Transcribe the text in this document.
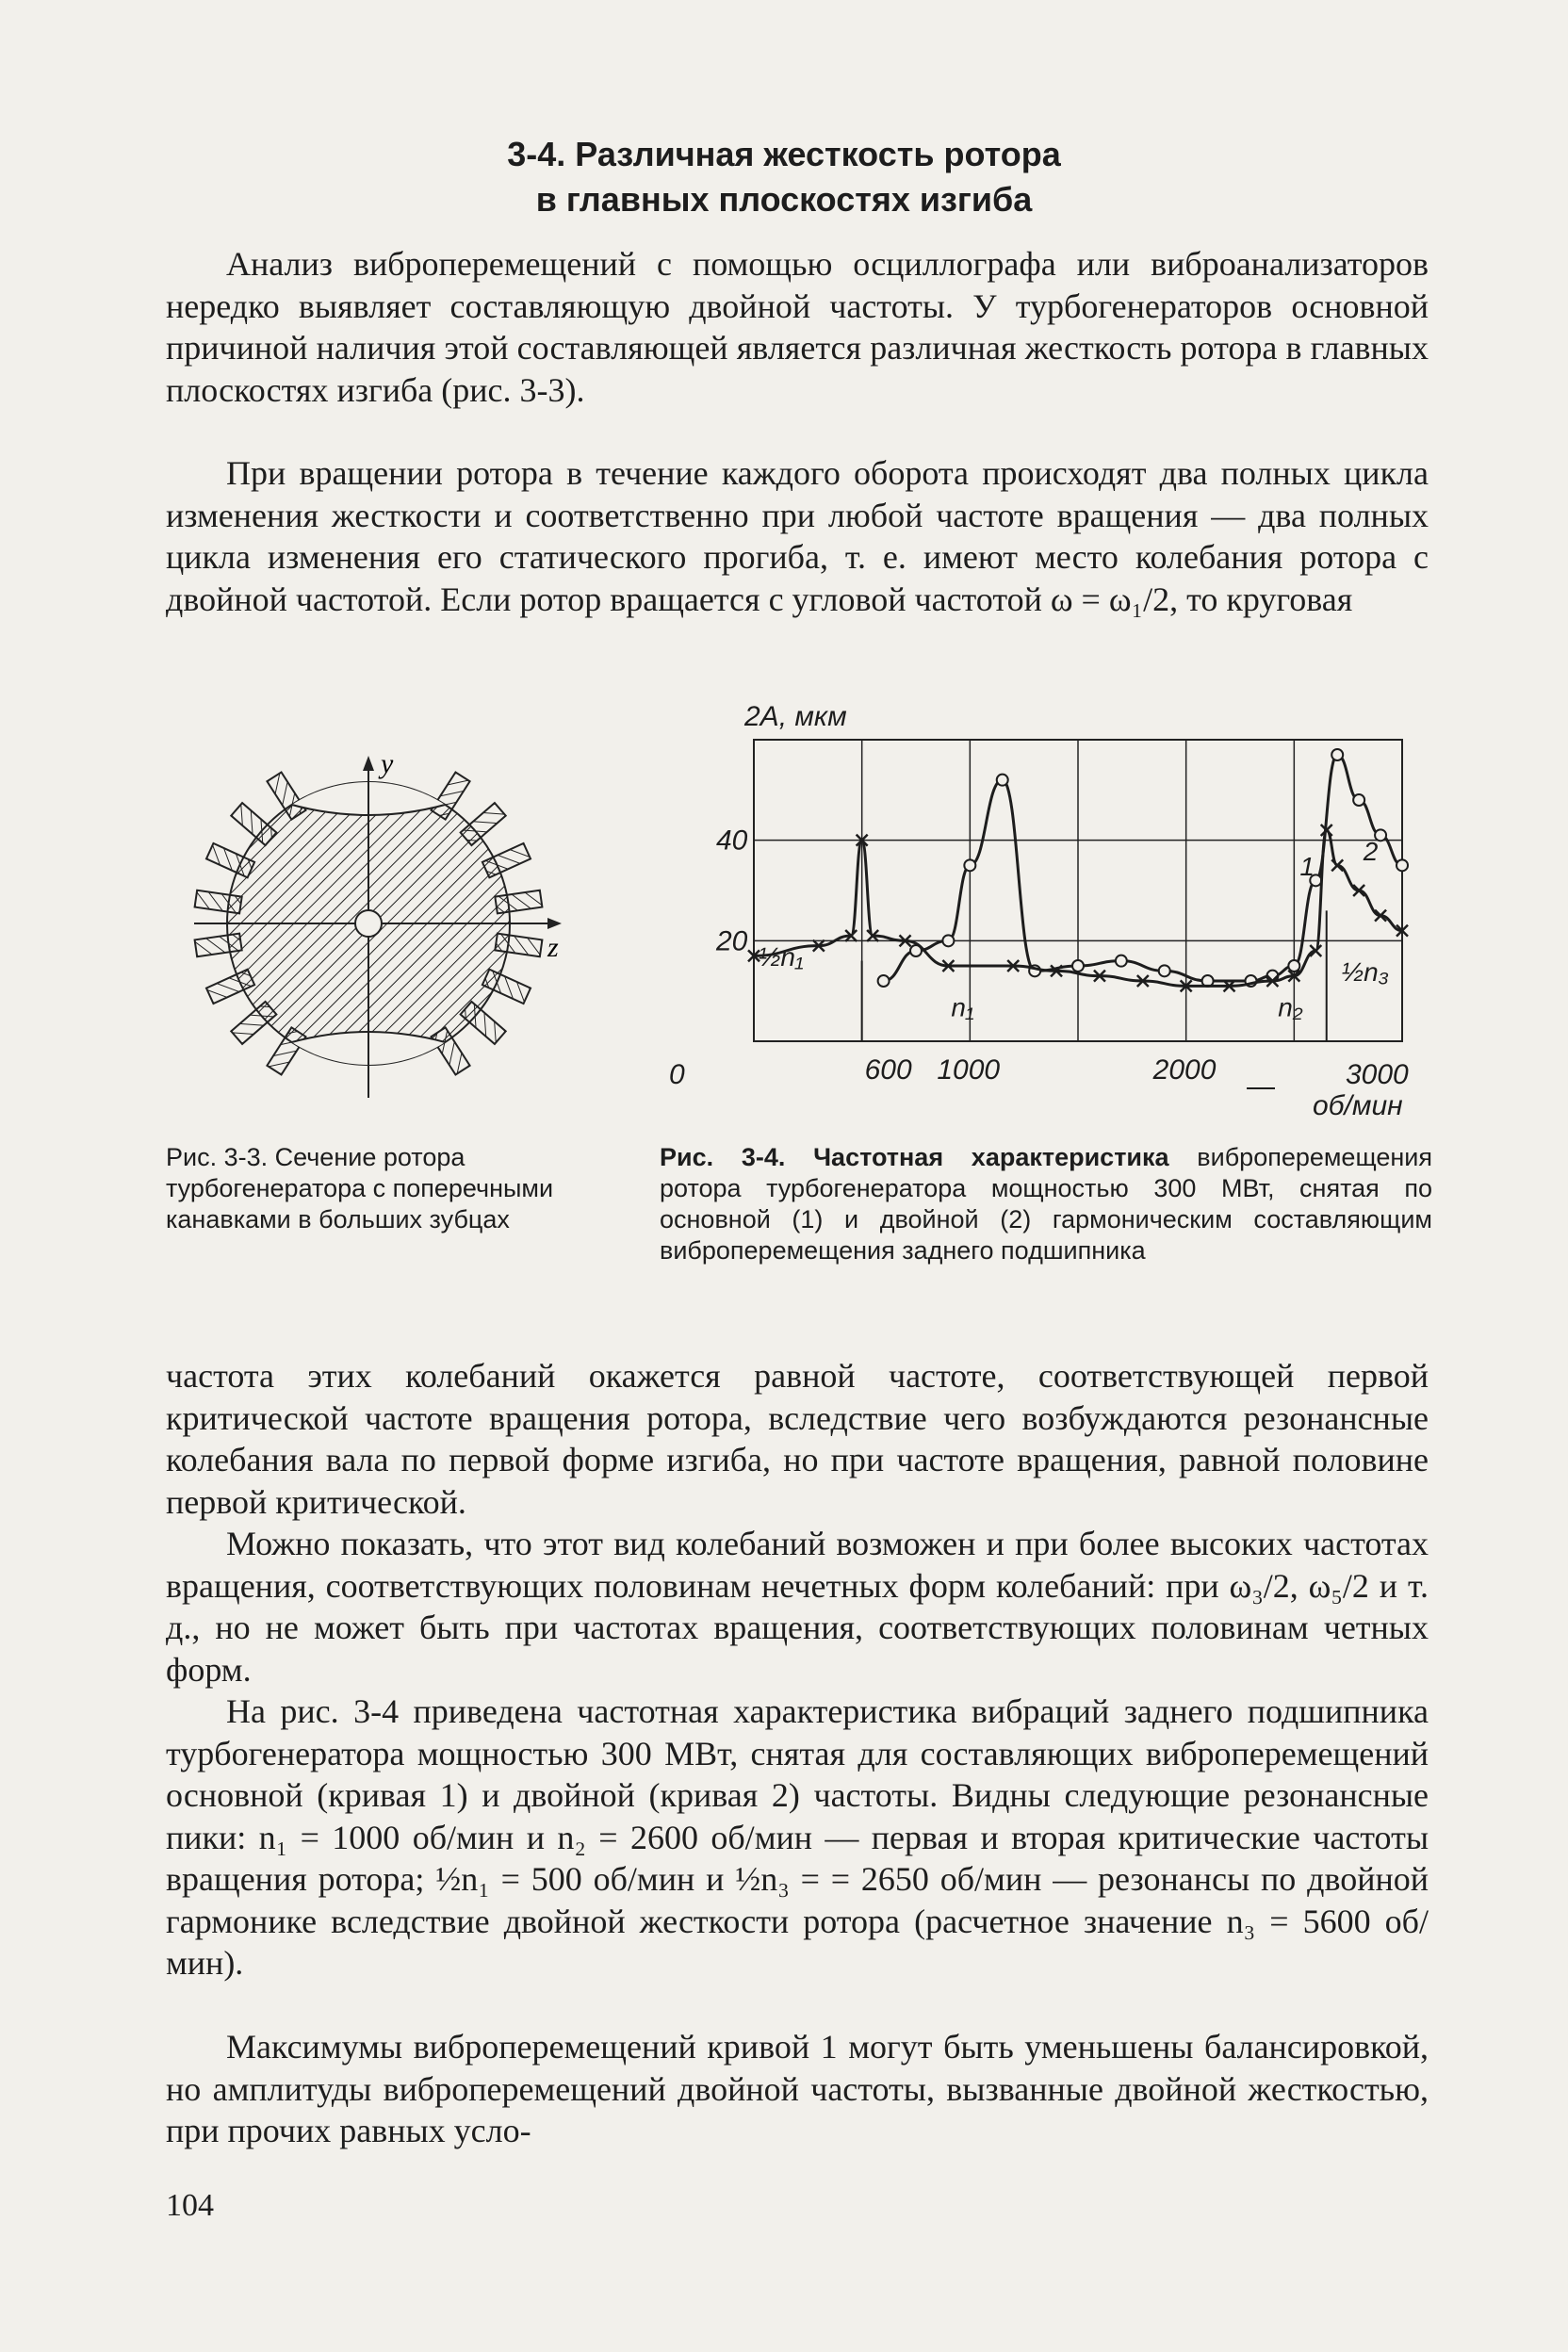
3-4. Различная жесткость ротора
в главных плоскостях изгиба
Анализ виброперемещений с помощью осциллографа или виброанализаторов нередко выявляет составляющую двойной частоты. У турбогенераторов основной причиной наличия этой составляющей является различная жесткость ротора в главных плоскостях изгиба (рис. 3-3).
При вращении ротора в течение каждого оборота происходят два полных цикла изменения жесткости и соответственно при любой частоте вращения — два полных цикла изменения его статического прогиба, т. е. имеют место колебания ротора с двойной частотой. Если ротор вращается с угловой частотой ω = ω₁/2, то круговая
y
z
2A, мкм
20
40
0	600 1000	2000	3000
об/мин
½n₁
n₁	n₂
½n₃
1
2
Рис. 3-3. Сечение ротора турбогенератора с поперечными канавками в больших зубцах
Рис. 3-4. Частотная характеристика виброперемещения ротора турбогенератора мощностью 300 МВт, снятая по основной (1) и двойной (2) гармоническим составляющим виброперемещения заднего подшипника
частота этих колебаний окажется равной частоте, соответствующей первой критической частоте вращения ротора, вследствие чего возбуждаются резонансные колебания вала по первой форме изгиба, но при частоте вращения, равной половине первой критической.
Можно показать, что этот вид колебаний возможен и при более высоких частотах вращения, соответствующих половинам нечетных форм колебаний: при ω₃/2, ω₅/2 и т. д., но не может быть при частотах вращения, соответствующих половинам четных форм.
На рис. 3-4 приведена частотная характеристика вибраций заднего подшипника турбогенератора мощностью 300 МВт, снятая для составляющих виброперемещений основной (кривая 1) и двойной (кривая 2) частоты. Видны следующие резонансные пики: n₁ = 1000 об/мин и n₂ = 2600 об/мин — первая и вторая критические частоты вращения ротора; ½n₁ = 500 об/мин и ½n₃ = = 2650 об/мин — резонансы по двойной гармонике вследствие двойной жесткости ротора (расчетное значение n₃ = 5600 об/мин).
Максимумы виброперемещений кривой 1 могут быть уменьшены балансировкой, но амплитуды виброперемещений двойной частоты, вызванные двойной жесткостью, при прочих равных усло-
104
